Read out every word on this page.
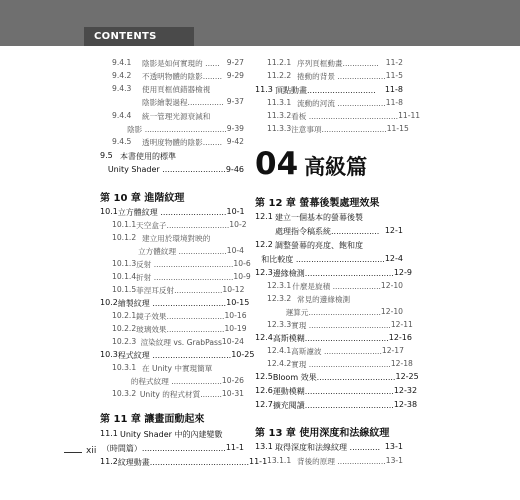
CONTENTS
第 10 章 進階紋理
第 11 章 讓畫面動起來
9.4.1	陰影是如何實現的 ...... 9-27
9.4.2	不透明物體的陰影........ 9-29
9.4.3	使用頁框偵錯器檢視
陰影繪製過程............... 9-37
9.4.4	統一管理光源衰減和
陰影 .................................. 9-39
9.4.5	透明度物體的陰影........ 9-42
9.5 本書使用的標準
Unity Shader ......................... 9-46
10.1 立方體紋理 .......................... 10-1
10.1.1 天空盒子.......................... 10-2
10.1.2 建立用於環境對映的
立方體紋理 .................... 10-4
10.1.3 反射 ................................. 10-6
10.1.4 折射 ................................. 10-9
10.1.5 菲涅耳反射.................... 10-12
10.2 繪製紋理 ............................. 10-15
10.2.1 鏡子效果........................ 10-16
10.2.2 玻璃效果........................ 10-19
10.2.3 渲染紋理 vs. GrabPass 10-24
10.3 程式紋理 ............................... 10-25
10.3.1 在 Unity 中實現簡單
的程式紋理 ..................... 10-26
10.3.2 Unity 的程式材質......... 10-31
11.1 Unity Shader 中的內建變數
（時間篇）................................. 11-1
11.2 紋理動畫....................................... 11-1
第 12 章 螢幕後製處理效果
第 13 章 使用深度和法線紋理
11.2.1 序列頁框動畫............... 11-2
11.2.2 捲動的背景 .................... 11-5
11.3 頂點動畫...........................	11-8
11.3.1 流動的河流 .................... 11-8
11.3.2 看板 ..................................... 11-11
11.3.3 注意事項........................... 11-15
12.1 建立一個基本的螢幕後製
處理指令稿系統................... 12-1
12.2 調整螢幕的亮度、飽和度
和比較度 ................................... 12-4
12.3 邊緣檢測................................... 12-9
12.3.1 什麼是旋積 .................... 12-10
12.3.2 常見的邊緣檢測
運算元.............................. 12-10
12.3.3 實現 .................................. 12-11
12.4 高斯模糊................................. 12-16
12.4.1 高斯濾波 ........................ 12-17
12.4.2 實現 .................................. 12-18
12.5 Bloom 效果............................... 12-25
12.6 運動模糊................................... 12-32
12.7 擴充閱讀................................... 12-38
13.1 取得深度和法線紋理 ............ 13-1
13.1.1 背後的原理 .................... 13-1
04 高級篇
xii
